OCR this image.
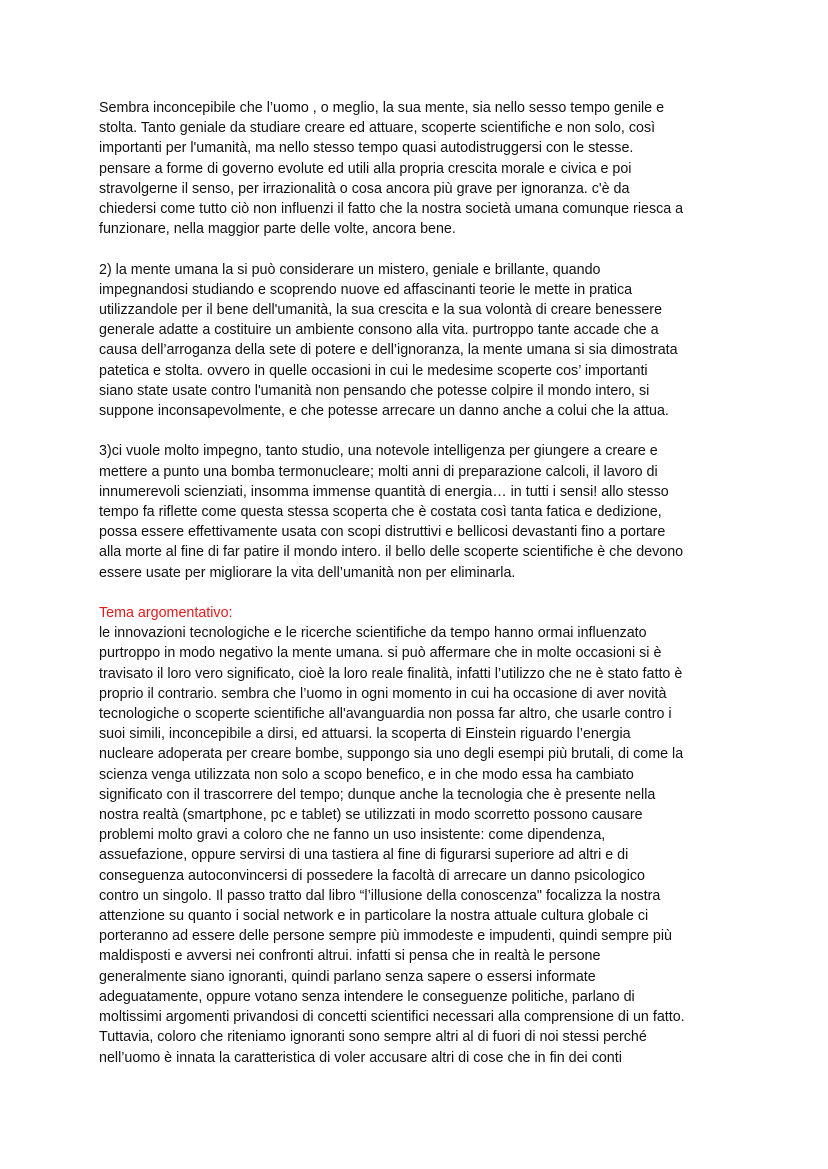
Sembra inconcepibile che l’uomo , o meglio, la sua mente, sia nello sesso tempo genile e
stolta. Tanto geniale da studiare creare ed attuare, scoperte scientifiche e non solo, così
importanti per l'umanità, ma nello stesso tempo quasi autodistruggersi con le stesse.
pensare a forme di governo evolute ed utili alla propria crescita morale e civica e poi
stravolgerne il senso, per irrazionalità o cosa ancora più grave per ignoranza. c'è da
chiedersi come tutto ciò non influenzi il fatto che la nostra società umana comunque riesca a
funzionare, nella maggior parte delle volte, ancora bene.
2) la mente umana la si può considerare un mistero, geniale e brillante, quando
impegnandosi studiando e scoprendo nuove ed affascinanti teorie le mette in pratica
utilizzandole per il bene dell'umanità, la sua crescita e la sua volontà di creare benessere
generale adatte a costituire un ambiente consono alla vita. purtroppo tante accade che a
causa dell’arroganza della sete di potere e dell’ignoranza, la mente umana si sia dimostrata
patetica e stolta. ovvero in quelle occasioni in cui le medesime scoperte cos’ importanti
siano state usate contro l'umanità non pensando che potesse colpire il mondo intero, si
suppone inconsapevolmente, e che potesse arrecare un danno anche a colui che la attua.
3)ci vuole molto impegno, tanto studio, una notevole intelligenza per giungere a creare e
mettere a punto una bomba termonucleare; molti anni di preparazione calcoli, il lavoro di
innumerevoli scienziati, insomma immense quantità di energia… in tutti i sensi! allo stesso
tempo fa riflette come questa stessa scoperta che è costata così tanta fatica e dedizione,
possa essere effettivamente usata con scopi distruttivi e bellicosi devastanti fino a portare
alla morte al fine di far patire il mondo intero. il bello delle scoperte scientifiche è che devono
essere usate per migliorare la vita dell’umanità non per eliminarla.
Tema argomentativo:
le innovazioni tecnologiche e le ricerche scientifiche da tempo hanno ormai influenzato
purtroppo in modo negativo la mente umana. si può affermare che in molte occasioni si è
travisato il loro vero significato, cioè la loro reale finalità, infatti l’utilizzo che ne è stato fatto è
proprio il contrario. sembra che l’uomo in ogni momento in cui ha occasione di aver novità
tecnologiche o scoperte scientifiche all'avanguardia non possa far altro, che usarle contro i
suoi simili, inconcepibile a dirsi, ed attuarsi. la scoperta di Einstein riguardo l’energia
nucleare adoperata per creare bombe, suppongo sia uno degli esempi più brutali, di come la
scienza venga utilizzata non solo a scopo benefico, e in che modo essa ha cambiato
significato con il trascorrere del tempo; dunque anche la tecnologia che è presente nella
nostra realtà (smartphone, pc e tablet) se utilizzati in modo scorretto possono causare
problemi molto gravi a coloro che ne fanno un uso insistente: come dipendenza,
assuefazione, oppure servirsi di una tastiera al fine di figurarsi superiore ad altri e di
conseguenza autoconvincersi di possedere la facoltà di arrecare un danno psicologico
contro un singolo. Il passo tratto dal libro “l’illusione della conoscenza" focalizza la nostra
attenzione su quanto i social network e in particolare la nostra attuale cultura globale ci
porteranno ad essere delle persone sempre più immodeste e impudenti, quindi sempre più
maldisposti e avversi nei confronti altrui. infatti si pensa che in realtà le persone
generalmente siano ignoranti, quindi parlano senza sapere o essersi informate
adeguatamente, oppure votano senza intendere le conseguenze politiche, parlano di
moltissimi argomenti privandosi di concetti scientifici necessari alla comprensione di un fatto.
Tuttavia, coloro che riteniamo ignoranti sono sempre altri al di fuori di noi stessi perché
nell’uomo è innata la caratteristica di voler accusare altri di cose che in fin dei conti
